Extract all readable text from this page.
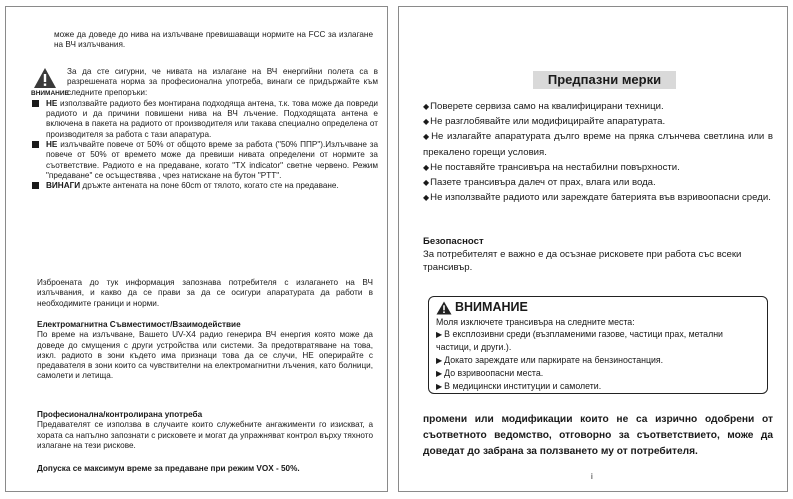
може да доведе до нива на излъчване превишаващи нормите на FCC за излагане на ВЧ излъчвания.

ВНИМАНИЕ
За да сте сигурни, че нивата на излагане на ВЧ енергийни полета са в разрешената норма за професионална употреба, винаги се придържайте към следните препоръки:
НЕ използвайте радиото без монтирана подходяща антена, т.к. това може да повреди радиото и да причини повишени нива на ВЧ лъчение. Подходящата антена е включена в пакета на радиото от производителя или такава специално определена от производителя за работа с тази апаратура.
НЕ излъчвайте повече от 50% от общото време за работа ("50% ППР").Излъчване за повече от 50% от времето може да превиши нивата определени от нормите за съответствие. Радиото е на предаване, когато "TX indicator" светне червено. Режим "предаване" се осъществява , чрез натискане на бутон "PTT".
ВИНАГИ дръжте антената на поне 60cm от тялото, когато сте на предаване.

Изброената до тук информация запознава потребителя с излагането на ВЧ излъчвания, и какво да се прави за да се осигури апаратурата да работи в необходимите граници и норми.

Електромагнитна Съвместимост/Взаимодействие

По време на излъчване, Вашето UV-X4 радио генерира ВЧ енергия която може да доведе до смущения с други устройства или системи. За предотвратяване на това, изкл. радиото в зони където има признаци това да се случи, НЕ оперирайте с предавателя в зони които са чувствителни на електромагнитни лъчения, като болници, самолети и летища.

Професионална/контролирана употреба

Предавателят се използва в случаите които служебните ангажименти го изискват, а хората са напълно запознати с рисковете и могат да упражняват контрол върху тяхното излагане на тези рискове.

Допуска се максимум време за предаване при режим VOX - 50%.

Предпазни мерки
◆Поверете сервиза само на квалифицирани техници.
◆Не разглобявайте или модифицирайте апаратурата.
◆Не излагайте апаратурата дълго време на пряка слънчева светлина или в прекалено горещи условия.
◆Не поставяйте трансивъра на нестабилни повърхности.
◆Пазете трансивъра далеч от прах, влага или вода.
◆Не използвайте радиото или зареждате батерията във взривоопасни среди.
Безопасност
За потребителят е важно е да осъзнае рисковете при работа със всеки трансивър.
ВНИМАНИЕ
Моля изключете трансивъра на следните места:
▶ В експлозивни среди (възпламеними газове, частици прах, метални частици, и други.).
▶ Докато зареждате или паркирате на бензиностанция.
▶ До взривоопасни места.
▶ В медицински институции и самолети.
промени или модификации които не са изрично одобрени от съответното ведомство, отговорно за съответствието, може да доведат до забрана за ползването му от потребителя.
i
